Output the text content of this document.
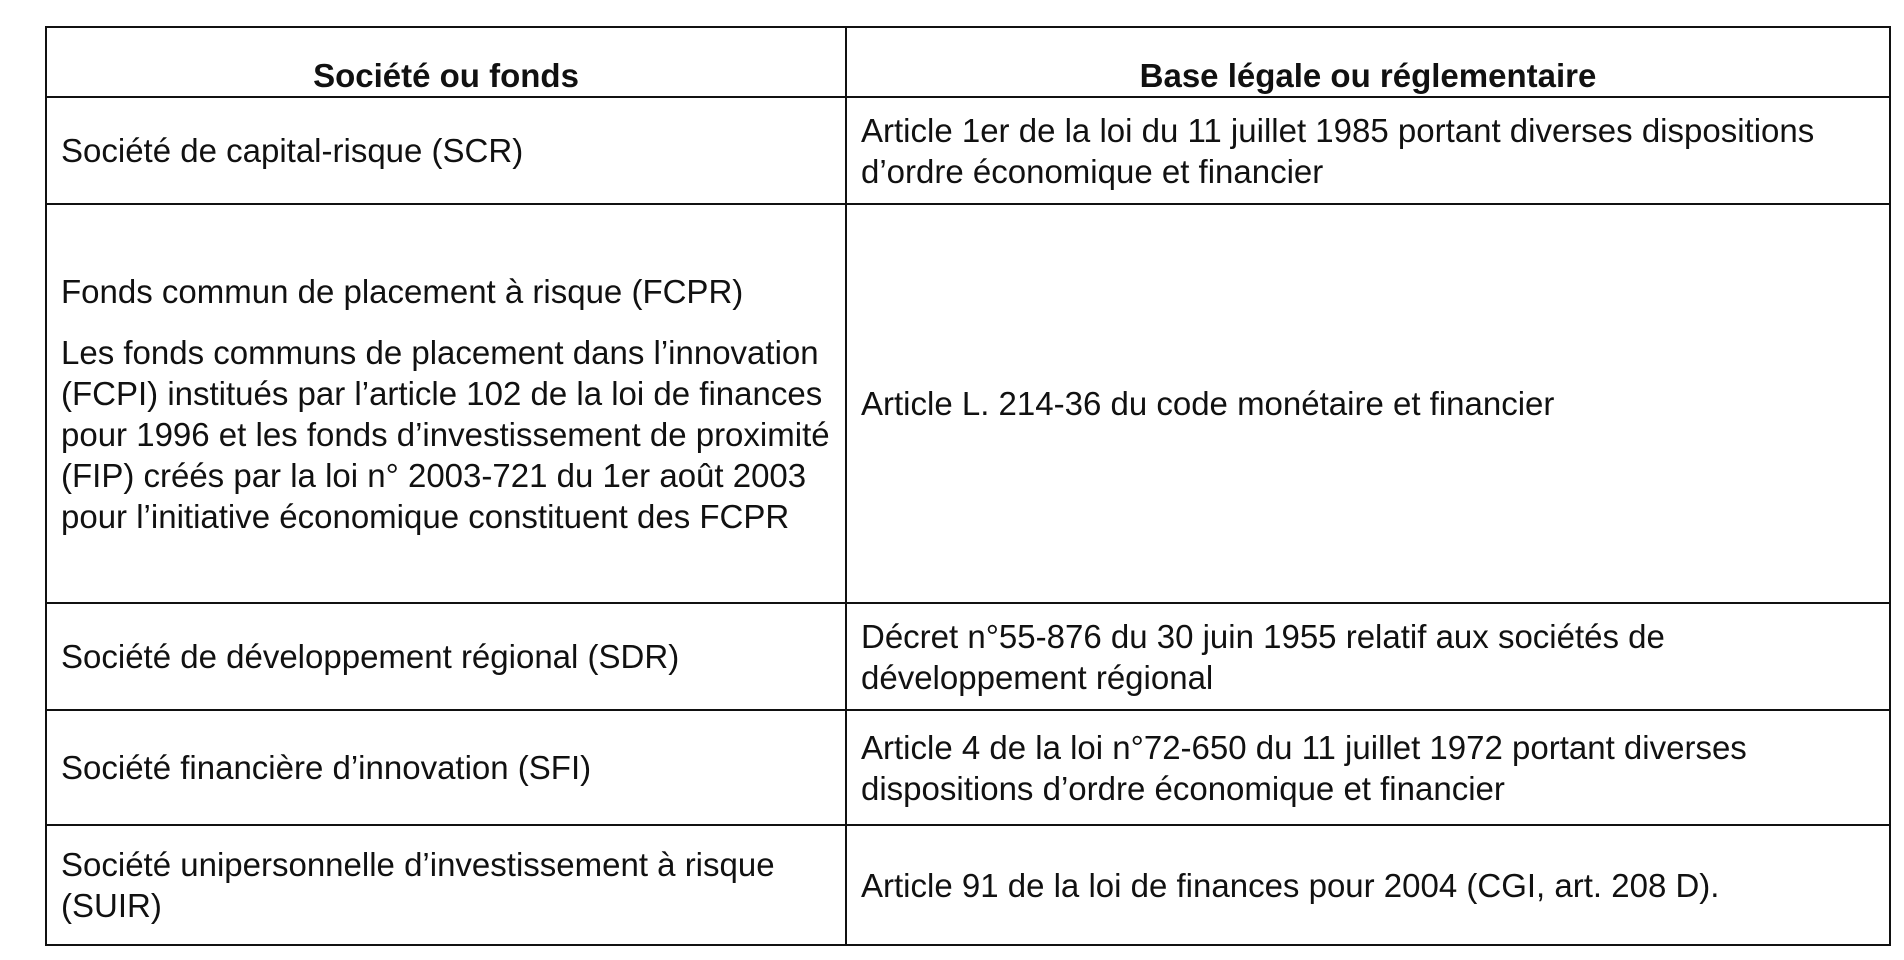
Société ou fonds	Base légale ou réglementaire
Société de capital-risque (SCR)	Article 1er de la loi du 11 juillet 1985 portant diverses dispositions d’ordre économique et financier

Fonds commun de placement à risque (FCPR)
Les fonds communs de placement dans l’innovation (FCPI) institués par l’article 102 de la loi de finances pour 1996 et les fonds d’investissement de proximité (FIP) créés par la loi n° 2003-721 du 1er août 2003 pour l’initiative économique constituent des FCPR	Article L. 214-36 du code monétaire et financier
Société de développement régional (SDR)	Décret n°55-876 du 30 juin 1955 relatif aux sociétés de développement régional
Société financière d’innovation (SFI)	Article 4 de la loi n°72-650 du 11 juillet 1972 portant diverses dispositions d’ordre économique et financier
Société unipersonnelle d’investissement à risque (SUIR)	Article 91 de la loi de finances pour 2004 (CGI, art. 208 D).
